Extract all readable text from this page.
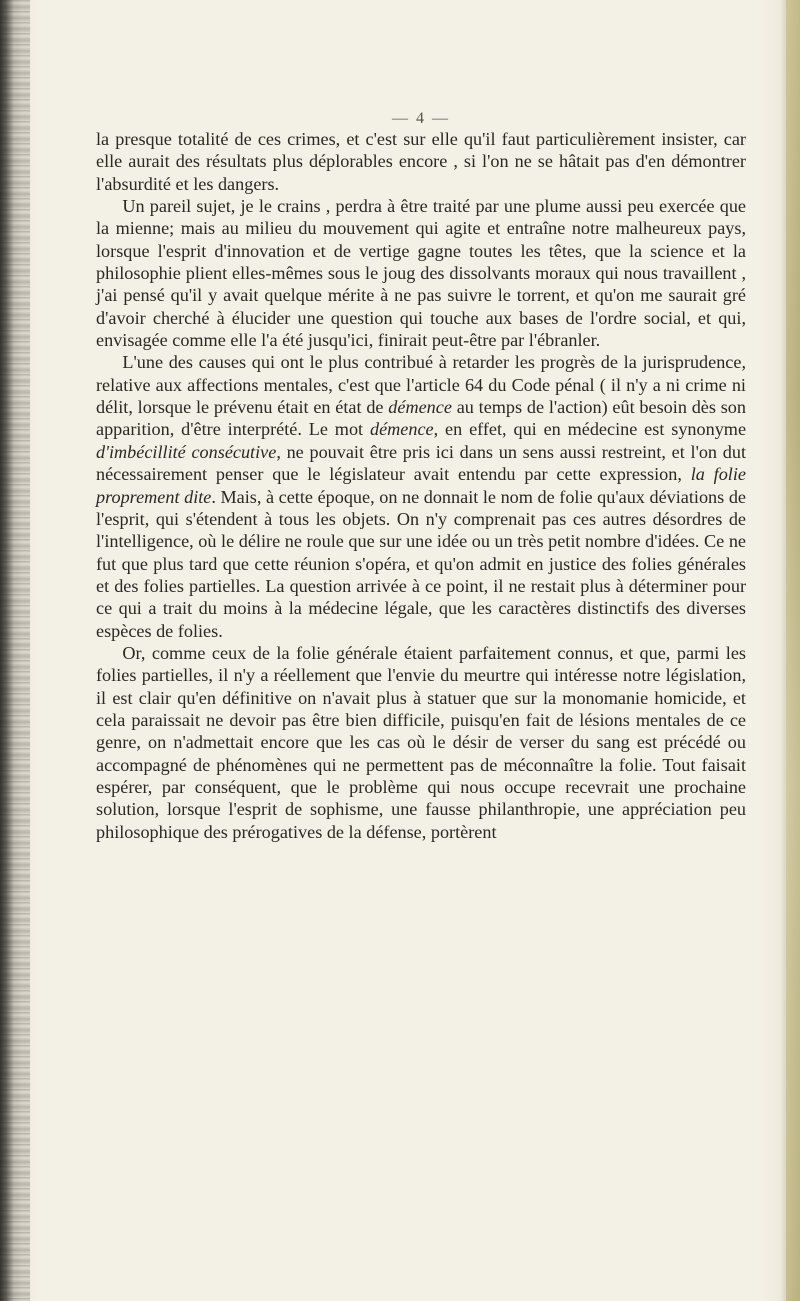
— 4 —

la presque totalité de ces crimes, et c'est sur elle qu'il faut particulièrement insister, car elle aurait des résultats plus déplorables encore , si l'on ne se hâtait pas d'en démontrer l'absurdité et les dangers.

Un pareil sujet, je le crains , perdra à être traité par une plume aussi peu exercée que la mienne; mais au milieu du mouvement qui agite et entraîne notre malheureux pays, lorsque l'esprit d'innovation et de vertige gagne toutes les têtes, que la science et la philosophie plient elles-mêmes sous le joug des dissolvants moraux qui nous travaillent , j'ai pensé qu'il y avait quelque mérite à ne pas suivre le torrent, et qu'on me saurait gré d'avoir cherché à élucider une question qui touche aux bases de l'ordre social, et qui, envisagée comme elle l'a été jusqu'ici, finirait peut-être par l'ébranler.

L'une des causes qui ont le plus contribué à retarder les progrès de la jurisprudence, relative aux affections mentales, c'est que l'article 64 du Code pénal ( il n'y a ni crime ni délit, lorsque le prévenu était en état de démence au temps de l'action) eût besoin dès son apparition, d'être interprété. Le mot démence, en effet, qui en médecine est synonyme d'imbécillité consécutive, ne pouvait être pris ici dans un sens aussi restreint, et l'on dut nécessairement penser que le législateur avait entendu par cette expression, la folie proprement dite. Mais, à cette époque, on ne donnait le nom de folie qu'aux déviations de l'esprit, qui s'étendent à tous les objets. On n'y comprenait pas ces autres désordres de l'intelligence, où le délire ne roule que sur une idée ou un très petit nombre d'idées. Ce ne fut que plus tard que cette réunion s'opéra, et qu'on admit en justice des folies générales et des folies partielles. La question arrivée à ce point, il ne restait plus à déterminer pour ce qui a trait du moins à la médecine légale, que les caractères distinctifs des diverses espèces de folies.

Or, comme ceux de la folie générale étaient parfaitement connus, et que, parmi les folies partielles, il n'y a réellement que l'envie du meurtre qui intéresse notre législation, il est clair qu'en définitive on n'avait plus à statuer que sur la monomanie homicide, et cela paraissait ne devoir pas être bien difficile, puisqu'en fait de lésions mentales de ce genre, on n'admettait encore que les cas où le désir de verser du sang est précédé ou accompagné de phénomènes qui ne permettent pas de méconnaître la folie. Tout faisait espérer, par conséquent, que le problème qui nous occupe recevrait une prochaine solution, lorsque l'esprit de sophisme, une fausse philanthropie, une appréciation peu philosophique des prérogatives de la défense, portèrent
